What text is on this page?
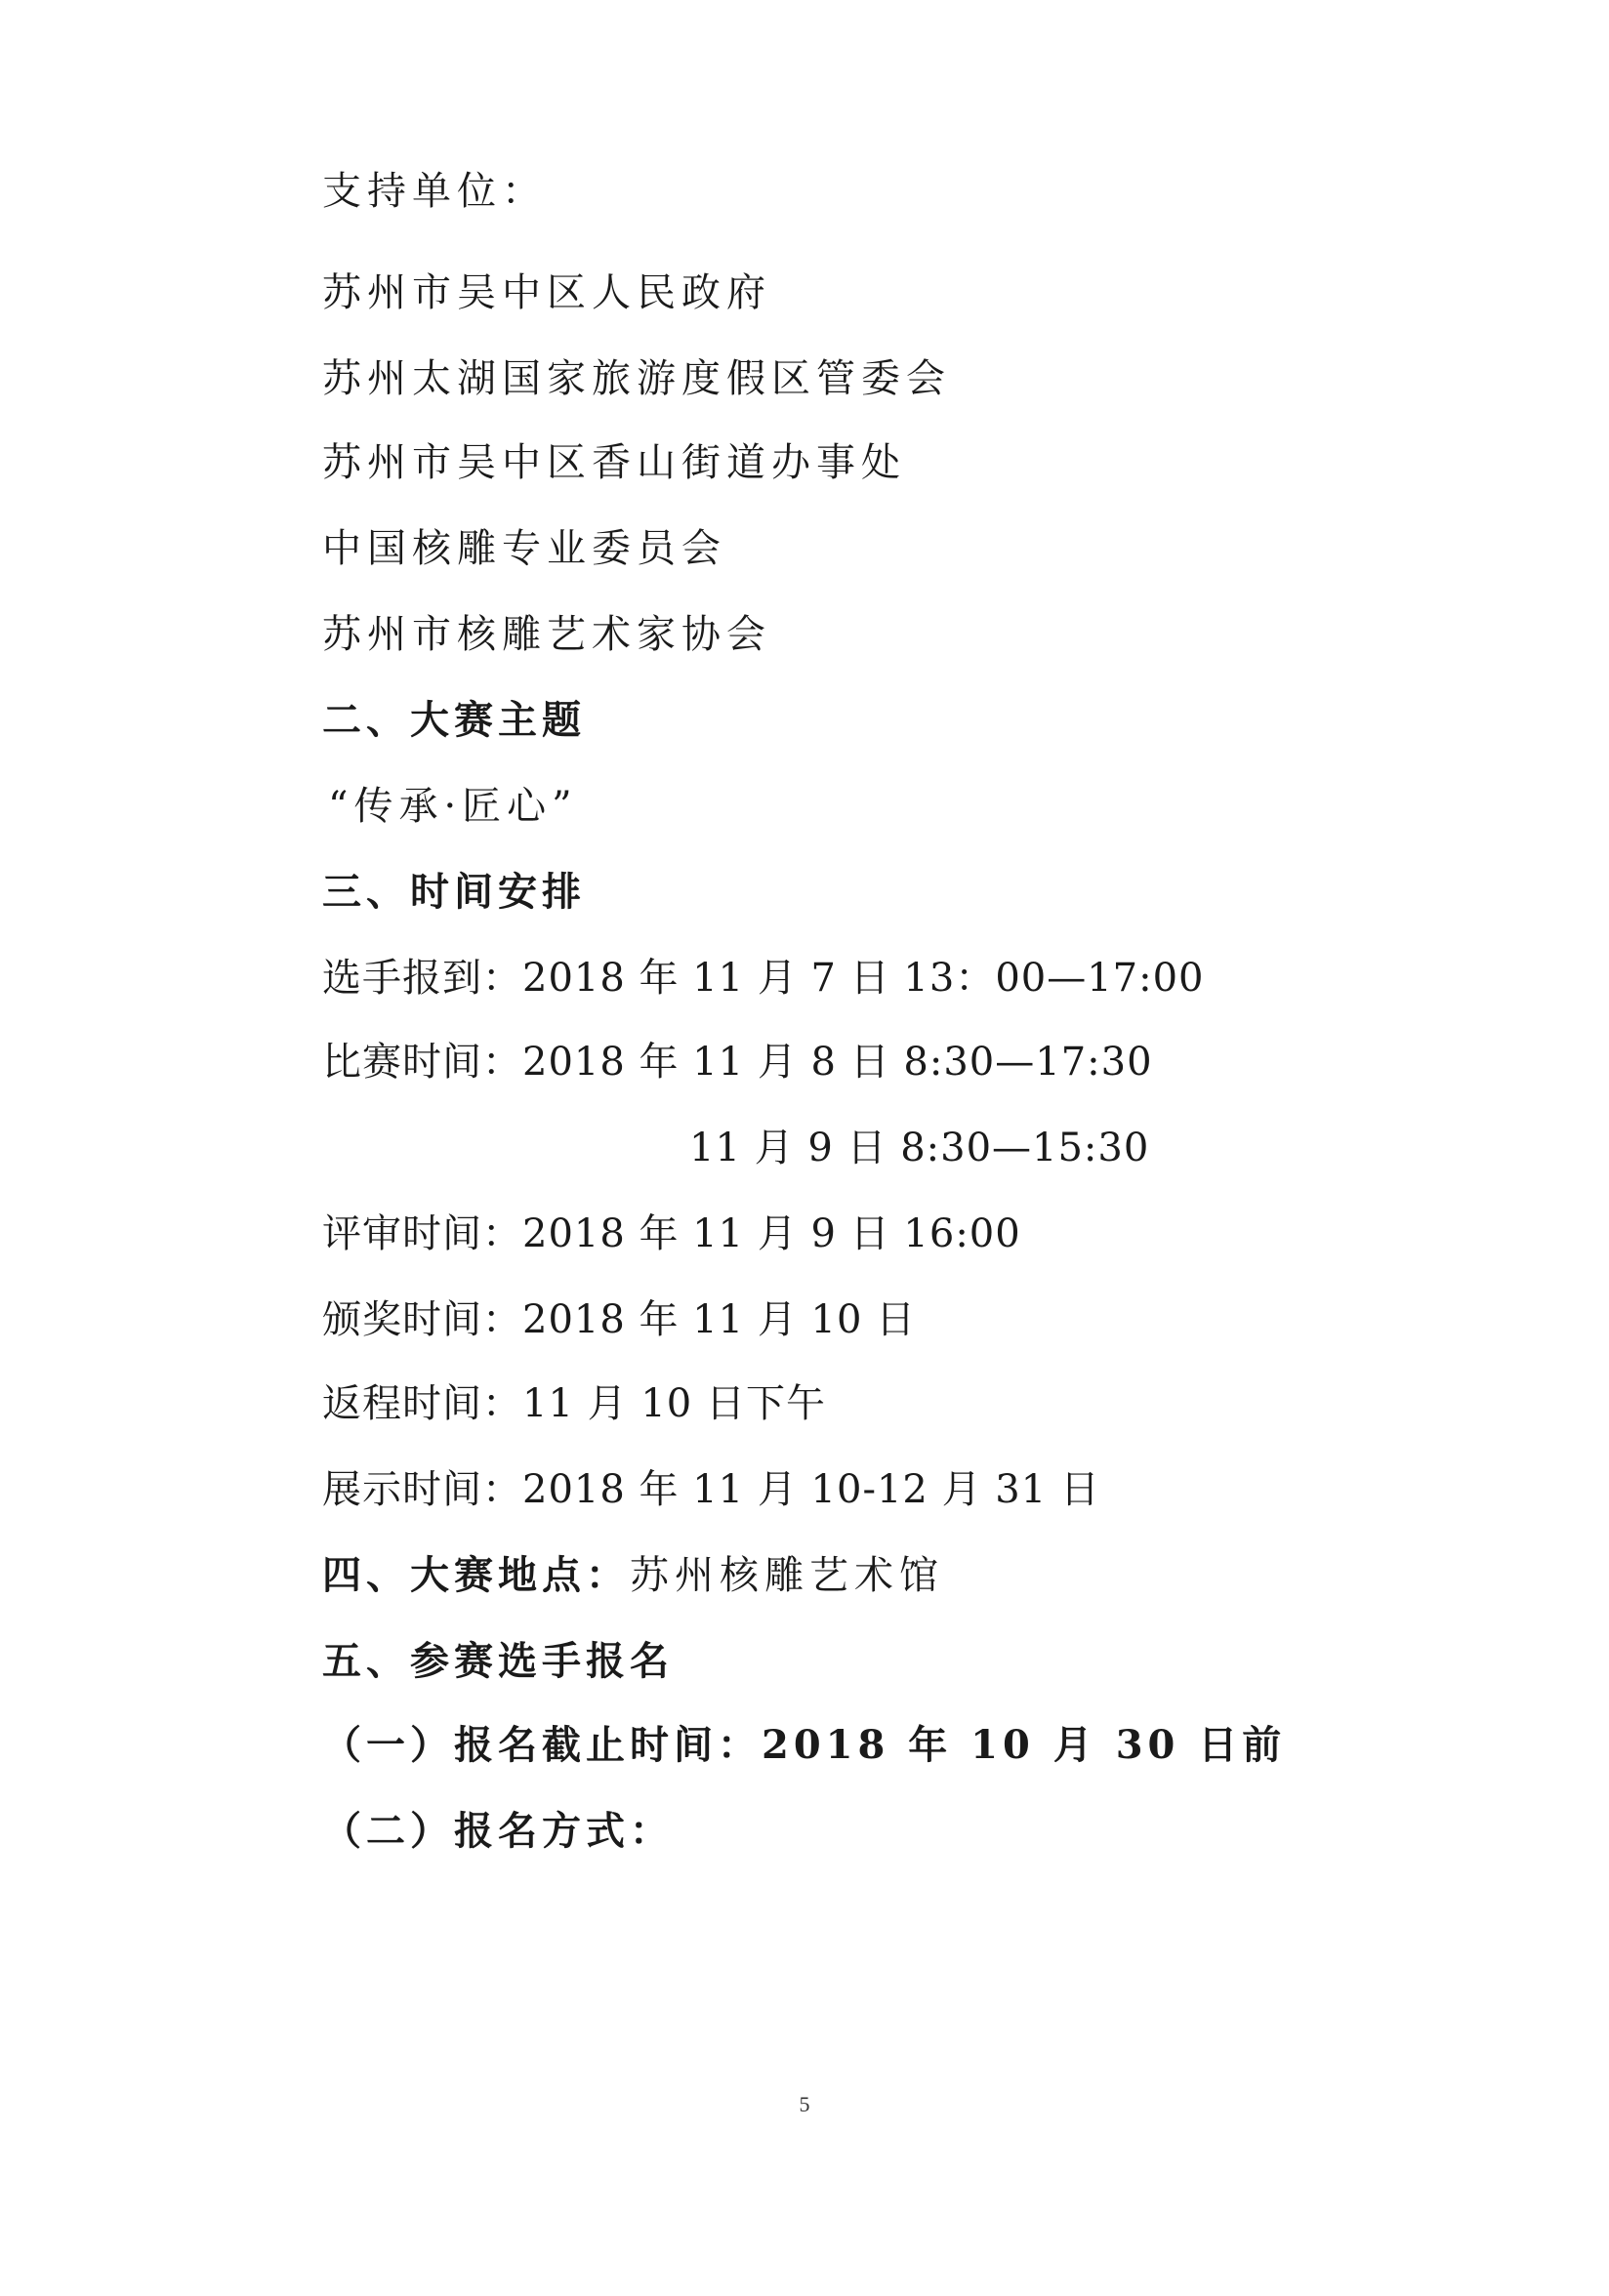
支持单位：
苏州市吴中区人民政府
苏州太湖国家旅游度假区管委会
苏州市吴中区香山街道办事处
中国核雕专业委员会
苏州市核雕艺术家协会
二、大赛主题
“传承·匠心”
三、时间安排
选手报到：2018 年 11 月 7 日 13：00—17:00
比赛时间：2018 年 11 月 8 日 8:30—17:30
11 月 9 日 8:30—15:30
评审时间：2018 年 11 月 9 日 16:00
颁奖时间：2018 年 11 月 10 日
返程时间：11 月 10 日下午
展示时间：2018 年 11 月 10-12 月 31 日
四、大赛地点：苏州核雕艺术馆
五、参赛选手报名
（一）报名截止时间：2018 年 10 月 30 日前
（二）报名方式：
5
